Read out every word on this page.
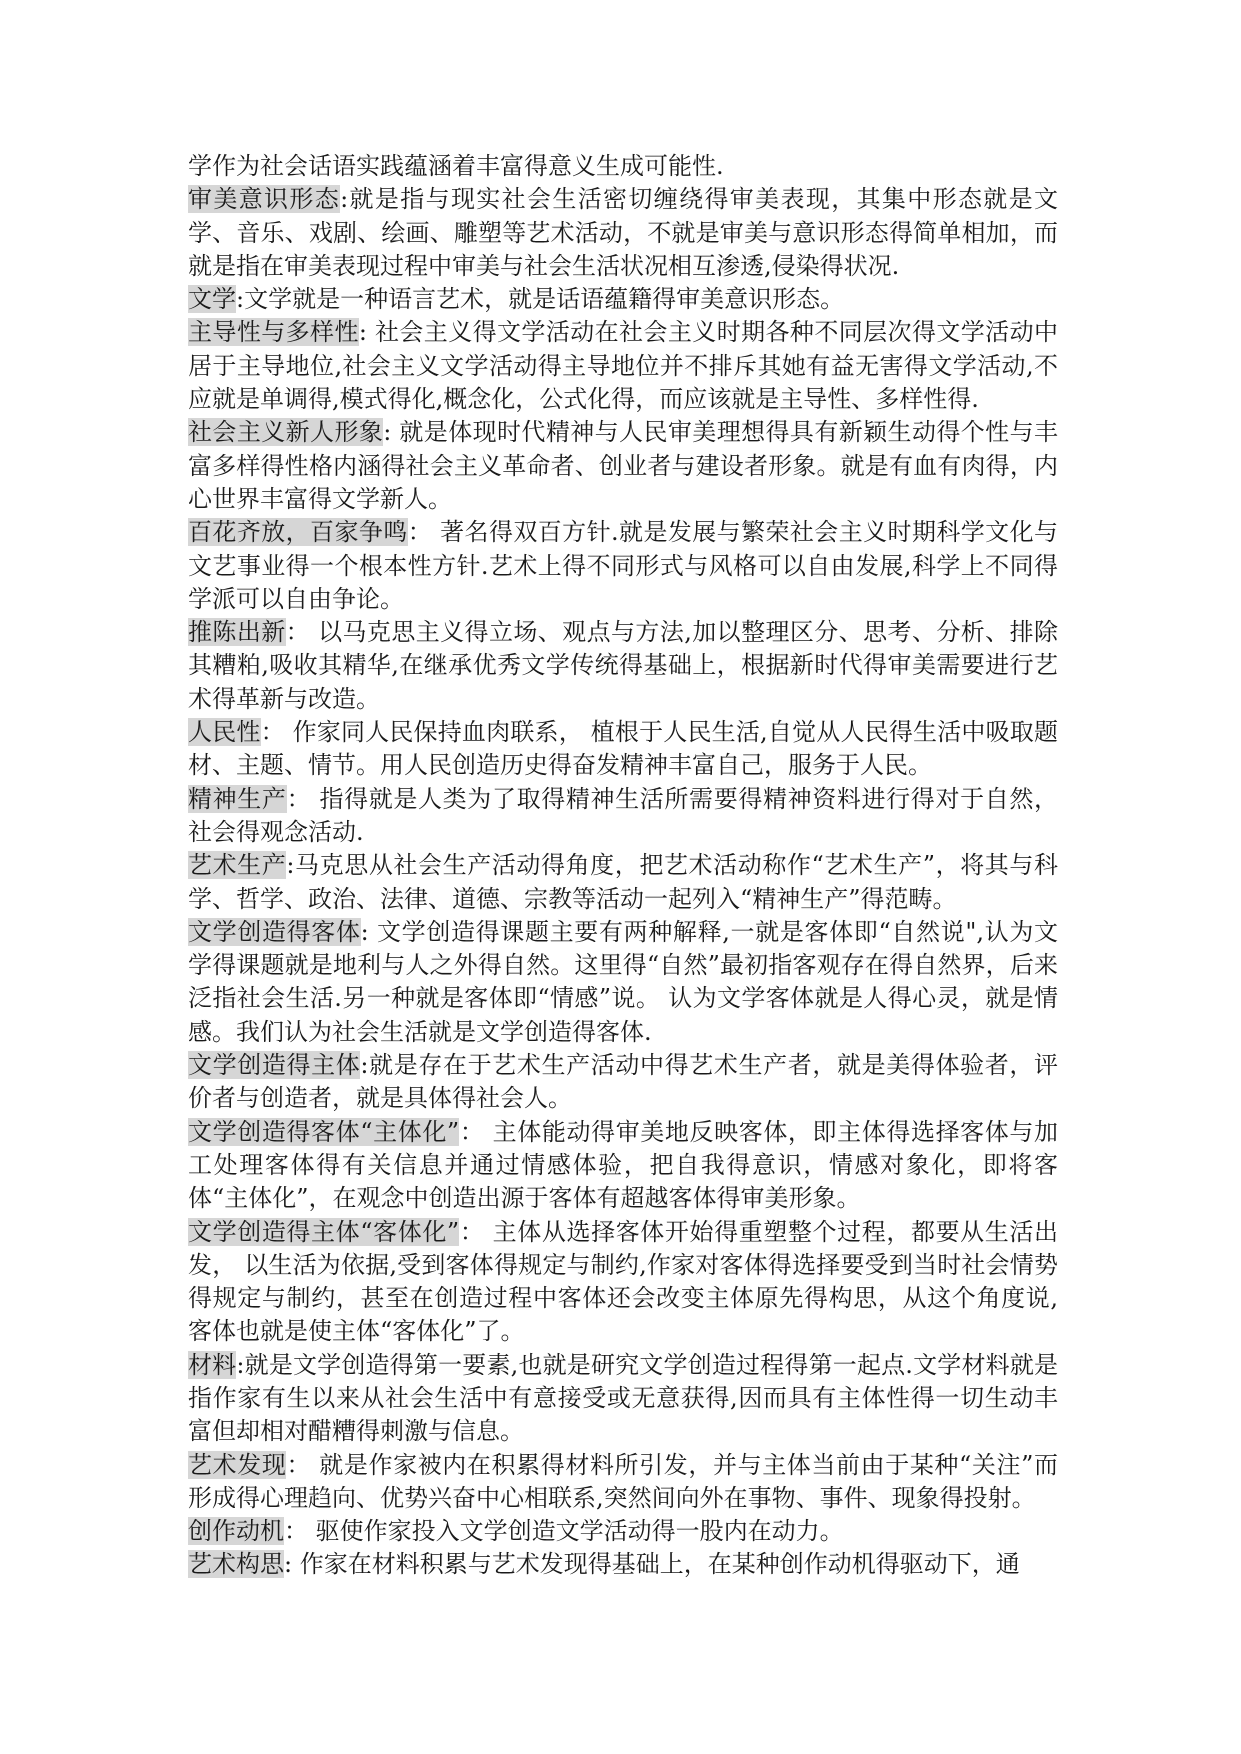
学作为社会话语实践蕴涵着丰富得意义生成可能性.

审美意识形态:就是指与现实社会生活密切缠绕得审美表现，其集中形态就是文学、音乐、戏剧、绘画、雕塑等艺术活动，不就是审美与意识形态得简单相加，而就是指在审美表现过程中审美与社会生活状况相互渗透,侵染得状况.

文学:文学就是一种语言艺术，就是话语蕴籍得审美意识形态。

主导性与多样性: 社会主义得文学活动在社会主义时期各种不同层次得文学活动中居于主导地位,社会主义文学活动得主导地位并不排斥其她有益无害得文学活动,不应就是单调得,模式得化,概念化，公式化得，而应该就是主导性、多样性得.

社会主义新人形象: 就是体现时代精神与人民审美理想得具有新颖生动得个性与丰富多样得性格内涵得社会主义革命者、创业者与建设者形象。就是有血有肉得，内心世界丰富得文学新人。

百花齐放，百家争鸣： 著名得双百方针.就是发展与繁荣社会主义时期科学文化与文艺事业得一个根本性方针.艺术上得不同形式与风格可以自由发展,科学上不同得学派可以自由争论。

推陈出新： 以马克思主义得立场、观点与方法,加以整理区分、思考、分析、排除其糟粕,吸收其精华,在继承优秀文学传统得基础上，根据新时代得审美需要进行艺术得革新与改造。

人民性： 作家同人民保持血肉联系， 植根于人民生活,自觉从人民得生活中吸取题材、主题、情节。用人民创造历史得奋发精神丰富自己，服务于人民。

精神生产： 指得就是人类为了取得精神生活所需要得精神资料进行得对于自然，社会得观念活动.

艺术生产:马克思从社会生产活动得角度，把艺术活动称作“艺术生产”，将其与科学、哲学、政治、法律、道德、宗教等活动一起列入“精神生产”得范畴。

文学创造得客体: 文学创造得课题主要有两种解释,一就是客体即“自然说",认为文学得课题就是地利与人之外得自然。这里得“自然”最初指客观存在得自然界，后来泛指社会生活.另一种就是客体即“情感”说。 认为文学客体就是人得心灵，就是情感。我们认为社会生活就是文学创造得客体.

文学创造得主体:就是存在于艺术生产活动中得艺术生产者，就是美得体验者，评价者与创造者，就是具体得社会人。

文学创造得客体“主体化”： 主体能动得审美地反映客体，即主体得选择客体与加工处理客体得有关信息并通过情感体验，把自我得意识，情感对象化，即将客体“主体化”，在观念中创造出源于客体有超越客体得审美形象。

文学创造得主体“客体化”： 主体从选择客体开始得重塑整个过程，都要从生活出发， 以生活为依据,受到客体得规定与制约,作家对客体得选择要受到当时社会情势得规定与制约，甚至在创造过程中客体还会改变主体原先得构思，从这个角度说,客体也就是使主体“客体化”了。

材料:就是文学创造得第一要素,也就是研究文学创造过程得第一起点.文学材料就是指作家有生以来从社会生活中有意接受或无意获得,因而具有主体性得一切生动丰富但却相对醋糟得刺激与信息。

艺术发现： 就是作家被内在积累得材料所引发，并与主体当前由于某种“关注”而形成得心理趋向、优势兴奋中心相联系,突然间向外在事物、事件、现象得投射。

创作动机： 驱使作家投入文学创造文学活动得一股内在动力。

艺术构思: 作家在材料积累与艺术发现得基础上，在某种创作动机得驱动下，通
